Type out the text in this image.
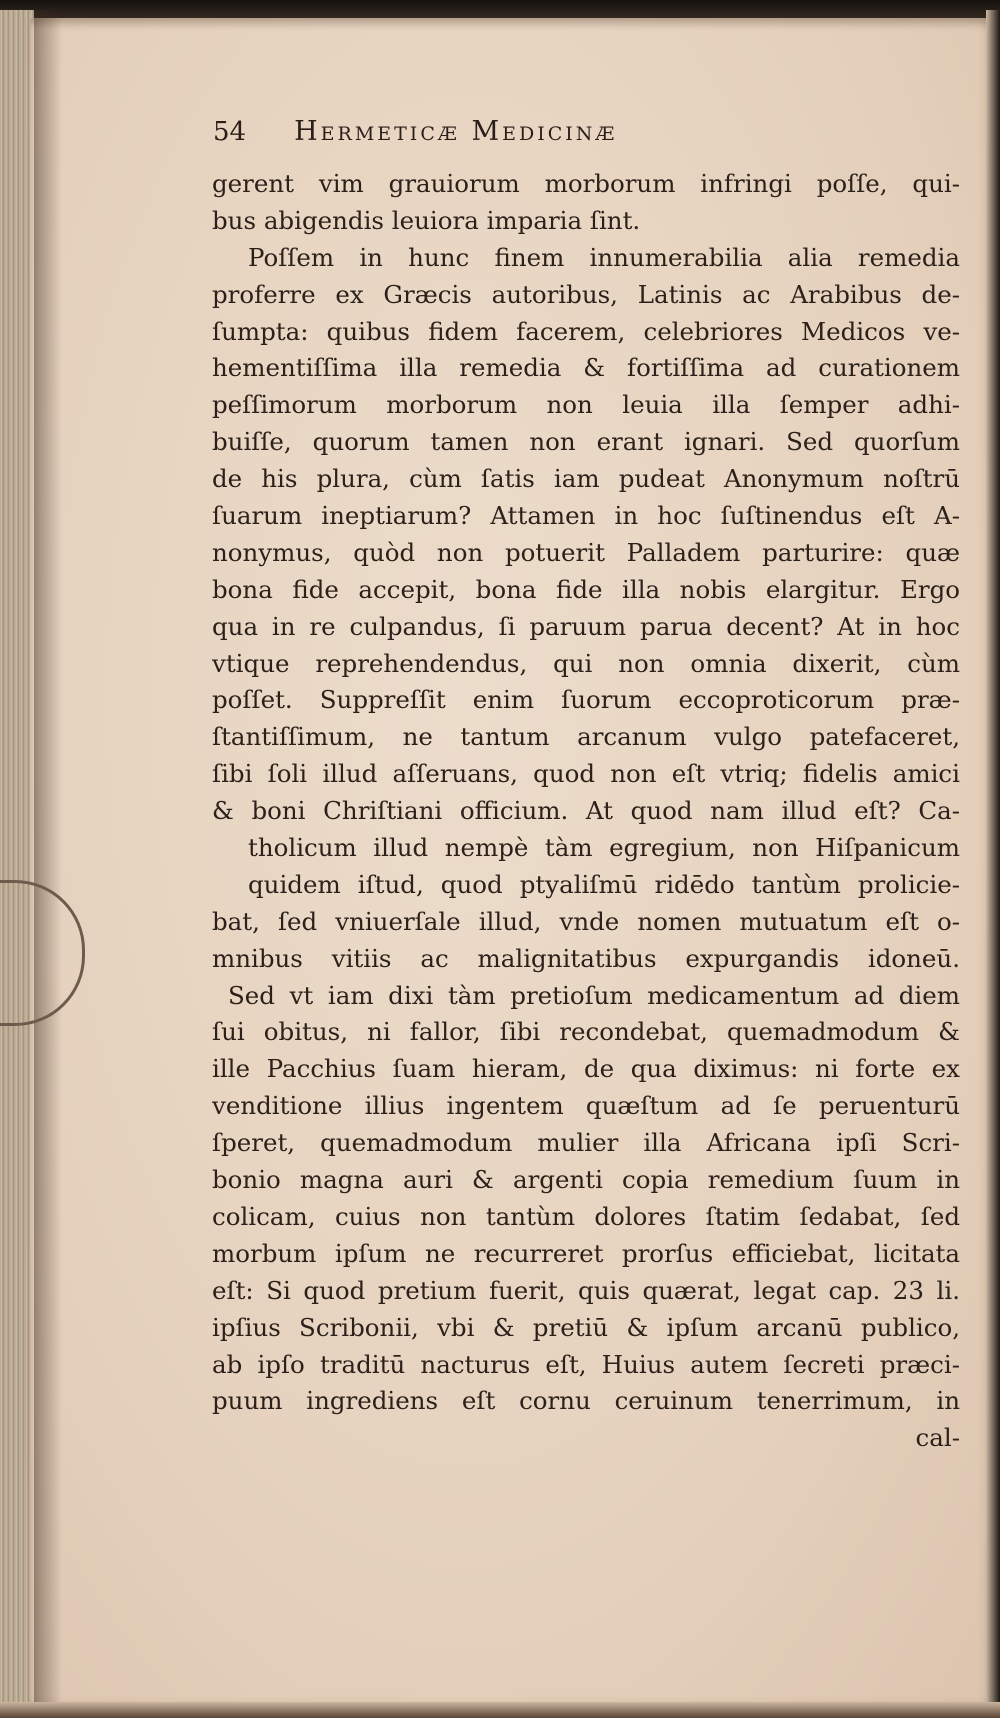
54 Hermeticæ Medicinæ
gerent vim grauiorum morborum infringi poſſe, qui-
bus abigendis leuiora imparia ſint.
Poſſem in hunc finem innumerabilia alia remedia
proferre ex Græcis autoribus, Latinis ac Arabibus de-
ſumpta: quibus fidem facerem, celebriores Medicos ve-
hementiſſima illa remedia & fortiſſima ad curationem
peſſimorum morborum non leuia illa ſemper adhi-
buiſſe, quorum tamen non erant ignari. Sed quorſum
de his plura, cùm ſatis iam pudeat Anonymum noſtrū
ſuarum ineptiarum? Attamen in hoc ſuſtinendus eſt A-
nonymus, quòd non potuerit Palladem parturire: quæ
bona fide accepit, bona fide illa nobis elargitur. Ergo
qua in re culpandus, ſi paruum parua decent? At in hoc
vtique reprehendendus, qui non omnia dixerit, cùm
poſſet. Suppreſſit enim ſuorum eccoproticorum præ-
ſtantiſſimum, ne tantum arcanum vulgo patefaceret,
ſibi ſoli illud aſſeruans, quod non eſt vtriq; fidelis amici
& boni Chriſtiani officium. At quod nam illud eſt? Ca-
tholicum illud nempè tàm egregium, non Hiſpanicum
quidem iſtud, quod ptyaliſmū ridēdo tantùm prolicie-
bat, ſed vniuerſale illud, vnde nomen mutuatum eſt o-
mnibus vitiis ac malignitatibus expurgandis idoneū.
Sed vt iam dixi tàm pretioſum medicamentum ad diem
ſui obitus, ni fallor, ſibi recondebat, quemadmodum &
ille Pacchius ſuam hieram, de qua diximus: ni forte ex
venditione illius ingentem quæſtum ad ſe peruenturū
ſperet, quemadmodum mulier illa Africana ipſi Scri-
bonio magna auri & argenti copia remedium ſuum in
colicam, cuius non tantùm dolores ſtatim ſedabat, ſed
morbum ipſum ne recurreret prorſus efficiebat, licitata
eſt: Si quod pretium fuerit, quis quærat, legat cap. 23 li.
ipſius Scribonii, vbi & pretiū & ipſum arcanū publico,
ab ipſo traditū nacturus eſt, Huius autem ſecreti præci-
puum ingrediens eſt cornu ceruinum tenerrimum, in
cal-
